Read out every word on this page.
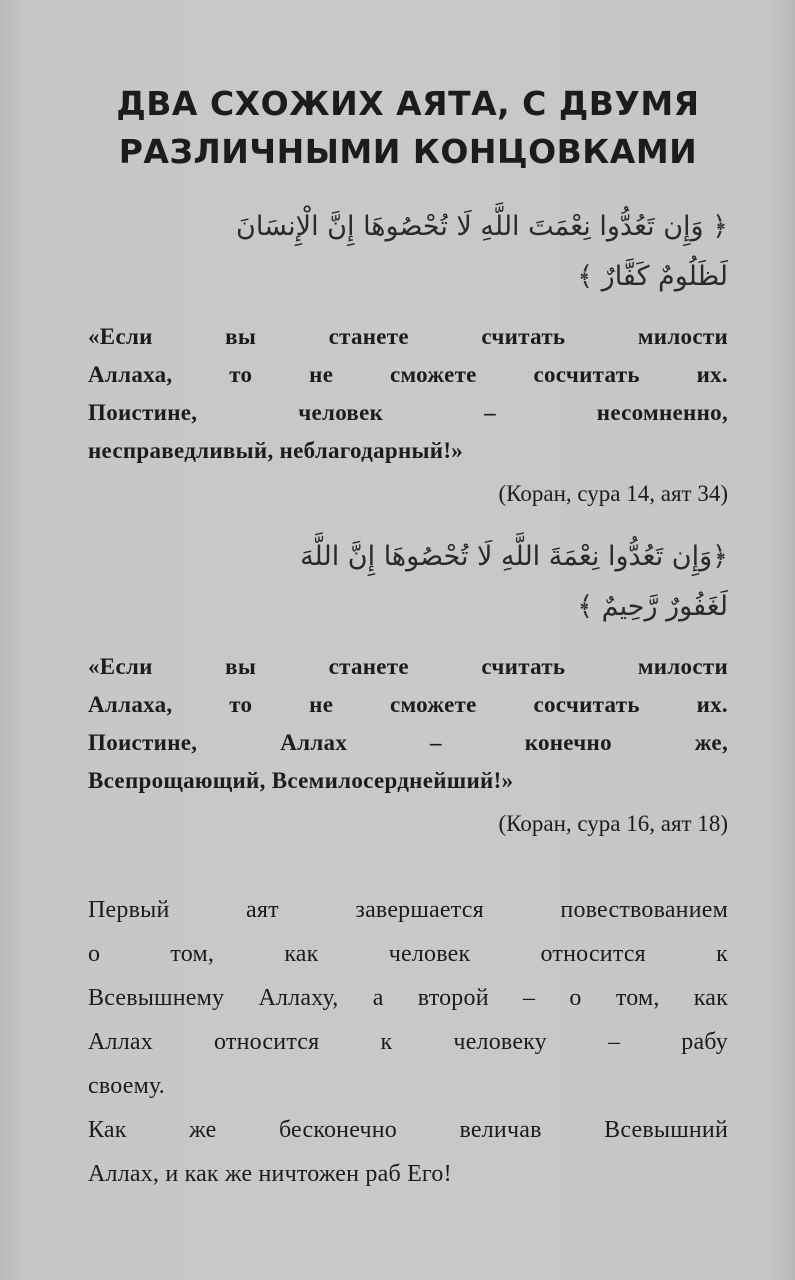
ДВА СХОЖИХ АЯТА, С ДВУМЯ
РАЗЛИЧНЫМИ КОНЦОВКАМИ
﴿ وَإِن تَعُدُّوا نِعْمَتَ اللَّهِ لَا تُحْصُوهَا إِنَّ الْإِنسَانَ
لَظَلُومٌ كَفَّارٌ ﴾

«Если вы станете считать милости
Аллаха, то не сможете сосчитать их.
Поистине, человек – несомненно,
несправедливый, неблагодарный!»

(Коран, сура 14, аят 34)
﴿وَإِن تَعُدُّوا نِعْمَةَ اللَّهِ لَا تُحْصُوهَا إِنَّ اللَّهَ
لَغَفُورٌ رَّحِيمٌ ﴾

«Если вы станете считать милости
Аллаха, то не сможете сосчитать их.
Поистине, Аллах – конечно же,
Всепрощающий, Всемилосерднейший!»

(Коран, сура 16, аят 18)

Первый аят завершается повествованием
о том, как человек относится к
Всевышнему Аллаху, а второй – о том, как
Аллах относится к человеку – рабу
своему.
Как же бесконечно величав Всевышний
Аллах, и как же ничтожен раб Его!
